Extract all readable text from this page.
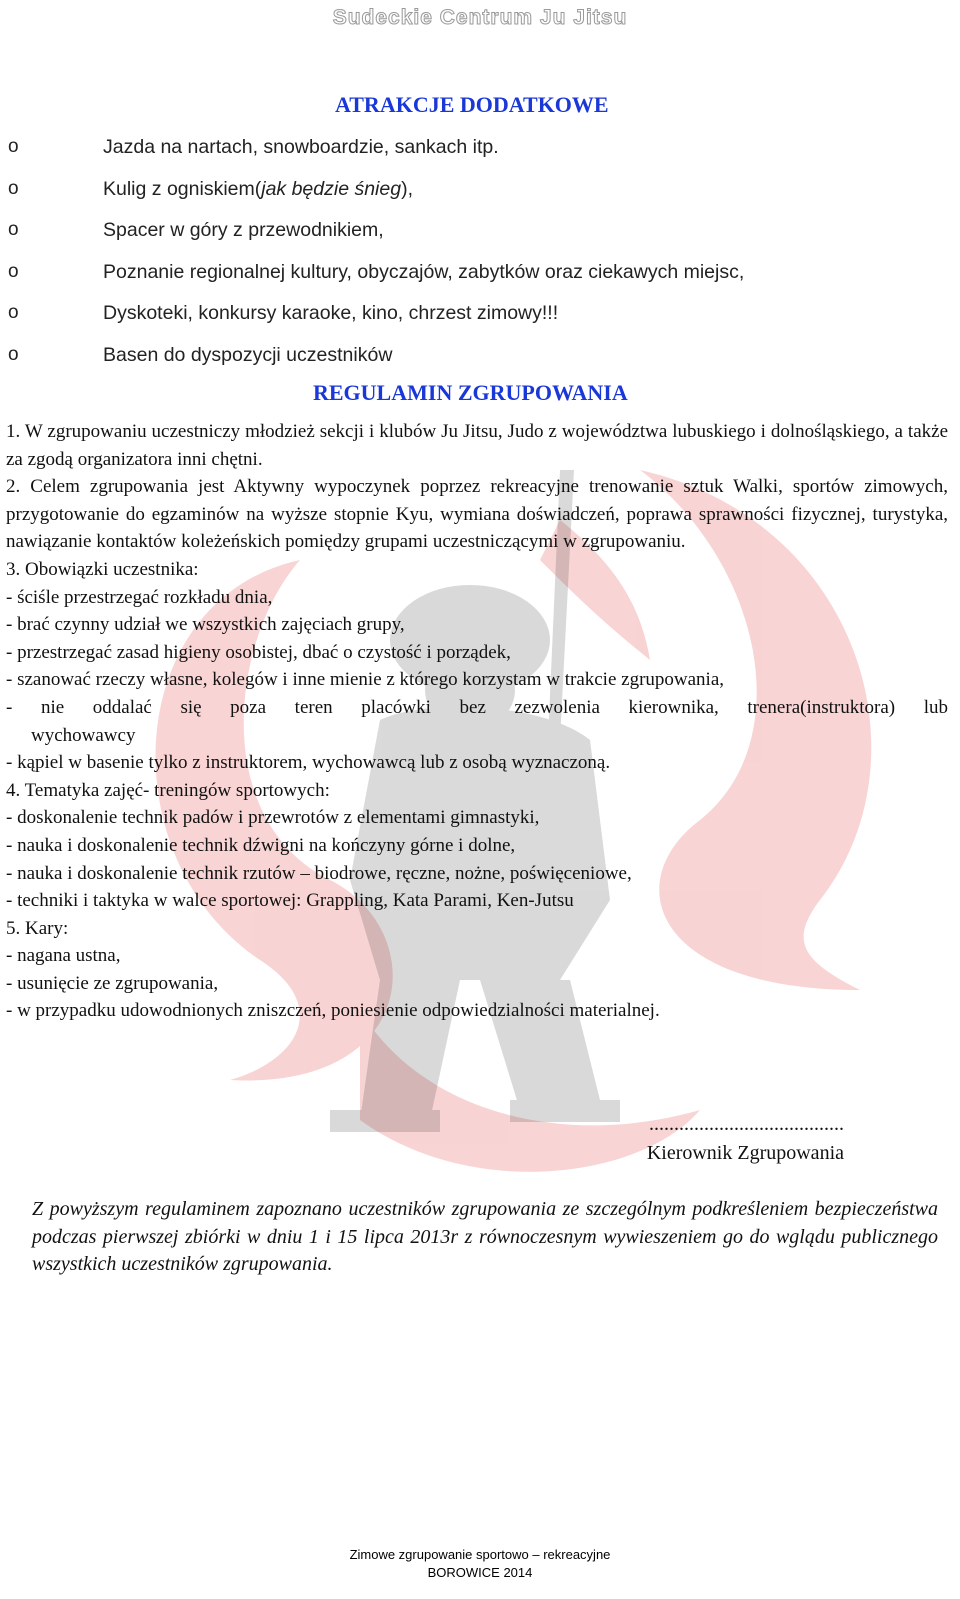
Sudeckie Centrum Ju Jitsu
ATRAKCJE DODATKOWE
o	Jazda na nartach, snowboardzie, sankach itp.
o	Kulig z ogniskiem(jak będzie śnieg),
o	Spacer w góry z przewodnikiem,
o	Poznanie regionalnej kultury, obyczajów, zabytków oraz ciekawych miejsc,
o	Dyskoteki, konkursy karaoke, kino, chrzest zimowy!!!
o	Basen do dyspozycji uczestników
REGULAMIN ZGRUPOWANIA

1. W zgrupowaniu uczestniczy młodzież sekcji i klubów Ju Jitsu, Judo z województwa lubuskiego i dolnośląskiego, a także za zgodą organizatora inni chętni.

2. Celem zgrupowania jest Aktywny wypoczynek poprzez rekreacyjne trenowanie sztuk Walki, sportów zimowych, przygotowanie do egzaminów na wyższe stopnie Kyu, wymiana doświadczeń, poprawa sprawności fizycznej, turystyka, nawiązanie kontaktów koleżeńskich pomiędzy grupami uczestniczącymi w zgrupowaniu.

3. Obowiązki uczestnika:

- ściśle przestrzegać rozkładu dnia,

- brać czynny udział we wszystkich zajęciach grupy,

- przestrzegać zasad higieny osobistej, dbać o czystość i porządek,

- szanować rzeczy własne, kolegów i inne mienie z którego korzystam w trakcie zgrupowania,

- nie oddalać się poza teren placówki bez zezwolenia kierownika, trenera(instruktora) lub

wychowawcy

- kąpiel w basenie tylko z instruktorem, wychowawcą lub z osobą wyznaczoną.

4. Tematyka zajęć- treningów sportowych:

- doskonalenie technik padów i przewrotów z elementami gimnastyki,

- nauka i doskonalenie technik dźwigni na kończyny górne i dolne,

- nauka i doskonalenie technik rzutów – biodrowe, ręczne, nożne, poświęceniowe,

- techniki i taktyka w walce sportowej: Grappling, Kata Parami, Ken-Jutsu

5. Kary:

- nagana ustna,

- usunięcie ze zgrupowania,

- w przypadku udowodnionych zniszczeń, poniesienie odpowiedzialności materialnej.

.......................................
Kierownik Zgrupowania

Z powyższym regulaminem zapoznano uczestników zgrupowania ze szczególnym podkreśleniem bezpieczeństwa podczas pierwszej zbiórki w dniu 1 i 15 lipca 2013r z równoczesnym wywieszeniem go do wglądu publicznego wszystkich uczestników zgrupowania.

Zimowe zgrupowanie sportowo – rekreacyjne
BOROWICE 2014
